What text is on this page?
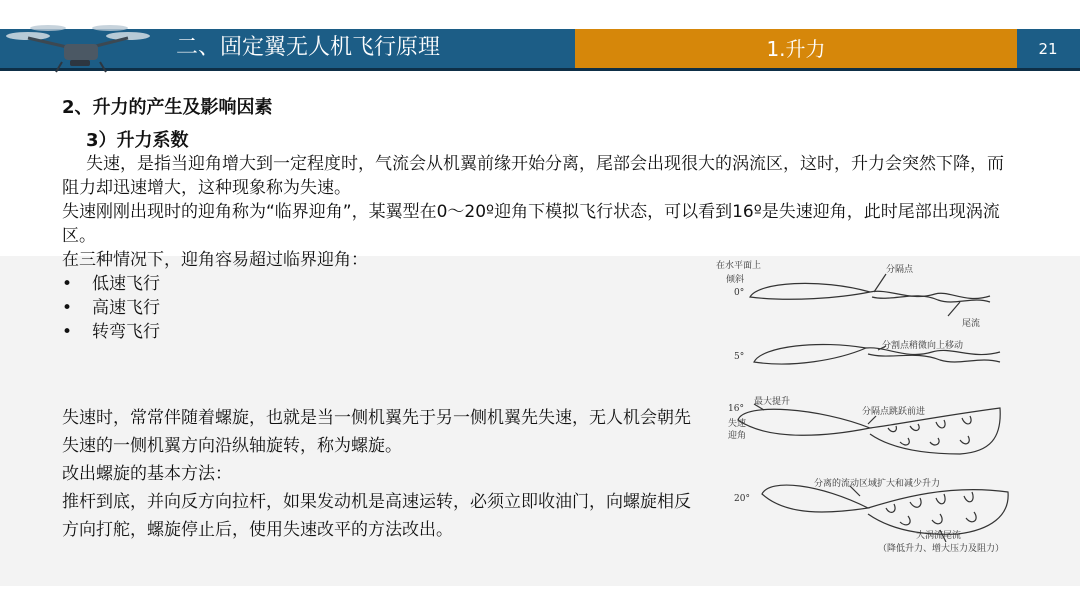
二、固定翼无人机飞行原理	1.升力	21
2、升力的产生及影响因素
3）升力系数

失速，是指当迎角增大到一定程度时，气流会从机翼前缘开始分离，尾部会出现很大的涡流区，这时，升力会突然下降，而阻力却迅速增大，这种现象称为失速。

失速刚刚出现时的迎角称为“临界迎角”，某翼型在0～20º迎角下模拟飞行状态，可以看到16º是失速迎角，此时尾部出现涡流区。

在三种情况下，迎角容易超过临界迎角：

• 低速飞行
• 高速飞行
• 转弯飞行

失速时，常常伴随着螺旋，也就是当一侧机翼先于另一侧机翼先失速，无人机会朝先失速的一侧机翼方向沿纵轴旋转，称为螺旋。

改出螺旋的基本方法：

推杆到底，并向反方向拉杆，如果发动机是高速运转，必须立即收油门，向螺旋相反方向打舵，螺旋停止后，使用失速改平的方法改出。

在水平面上
倾斜
0°
分隔点
尾流
5°
分割点稍微向上移动
最大提升
16°
失速
迎角
分隔点跳跃前进
分离的流动区域扩大和减少升力
20°
大涡流尾流
（降低升力、增大压力及阻力）
